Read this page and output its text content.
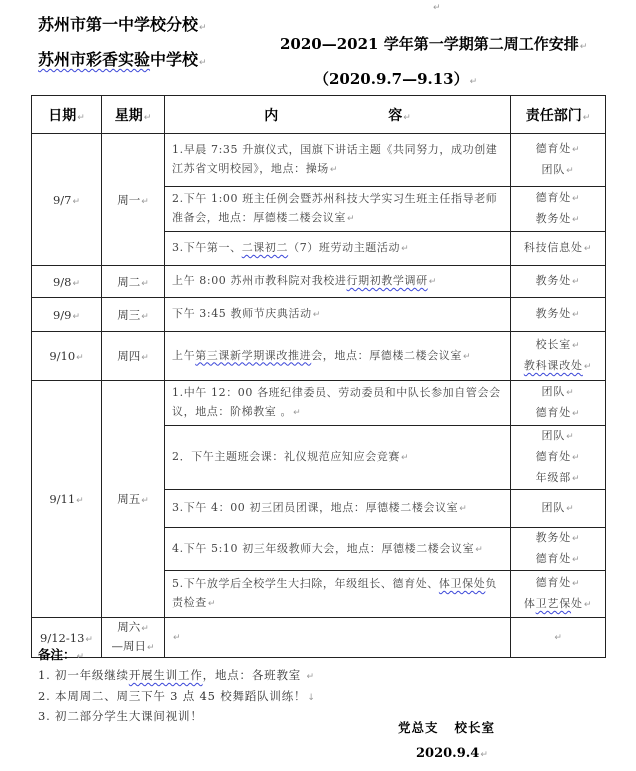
↵
苏州市第一中学校分校↵
苏州市彩香实验中学校↵
2020—2021 学年第一学期第二周工作安排↵
（2020.9.7—9.13）↵
日期↵	星期↵	内 容↵	责任部门↵
9/7↵	周一↵	1.早晨 7:35 升旗仪式，国旗下讲话主题《共同努力，成功创建江苏省文明校园》，地点：操场↵	德育处↵
团队↵

		2.下午 1:00 班主任例会暨苏州科技大学实习生班主任指导老师准备会，地点：厚德楼二楼会议室↵	德育处↵
教务处↵

		3.下午第一、二课初二（7）班劳动主题活动↵	科技信息处↵

9/8↵	周二↵	上午 8:00 苏州市教科院对我校进行期初教学调研↵	教务处↵

9/9↵	周三↵	下午 3:45 教师节庆典活动↵	教务处↵

9/10↵	周四↵	上午第三课新学期课改推进会，地点：厚德楼二楼会议室↵	校长室↵
教科课改处↵

9/11↵	周五↵	1.中午 12：00 各班纪律委员、劳动委员和中队长参加自管会会议，地点：阶梯教室 。↵	团队↵
德育处↵

		2．下午主题班会课：礼仪规范应知应会竞赛↵	团队↵
德育处↵
年级部↵

		3.下午 4：00 初三团员团课，地点：厚德楼二楼会议室↵	团队↵

		4.下午 5:10 初三年级教师大会，地点：厚德楼二楼会议室↵	教务处↵
德育处↵

		5.下午放学后全校学生大扫除，年级组长、德育处、体卫保处负责检查↵	德育处↵
体卫艺保处↵

9/12-13↵	周六↵
—周日↵	↵	↵
备注：↵
1. 初一年级继续开展生训工作，地点：各班教室 ↵
2. 本周周二、周三下午 3 点 45 校舞蹈队训练！↓
3. 初二部分学生大课间视训！
党总支   校长室
2020.9.4↵
